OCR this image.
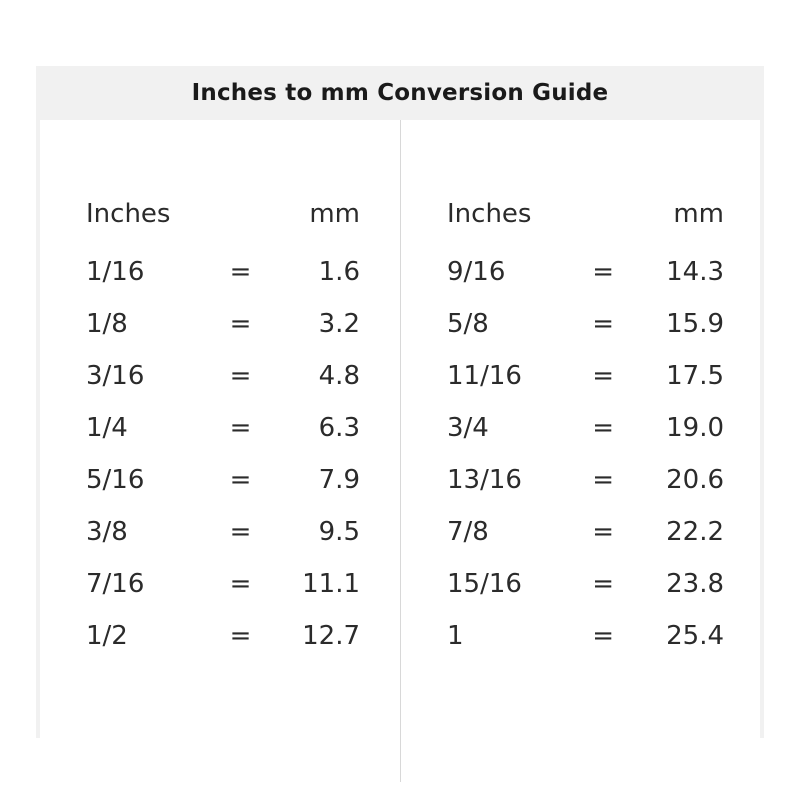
Inches to mm Conversion Guide
Inches		mm
1/16	=	1.6
1/8	=	3.2
3/16	=	4.8
1/4	=	6.3
5/16	=	7.9
3/8	=	9.5
7/16	=	11.1
1/2	=	12.7
Inches		mm
9/16	=	14.3
5/8	=	15.9
11/16	=	17.5
3/4	=	19.0
13/16	=	20.6
7/8	=	22.2
15/16	=	23.8
1	=	25.4
